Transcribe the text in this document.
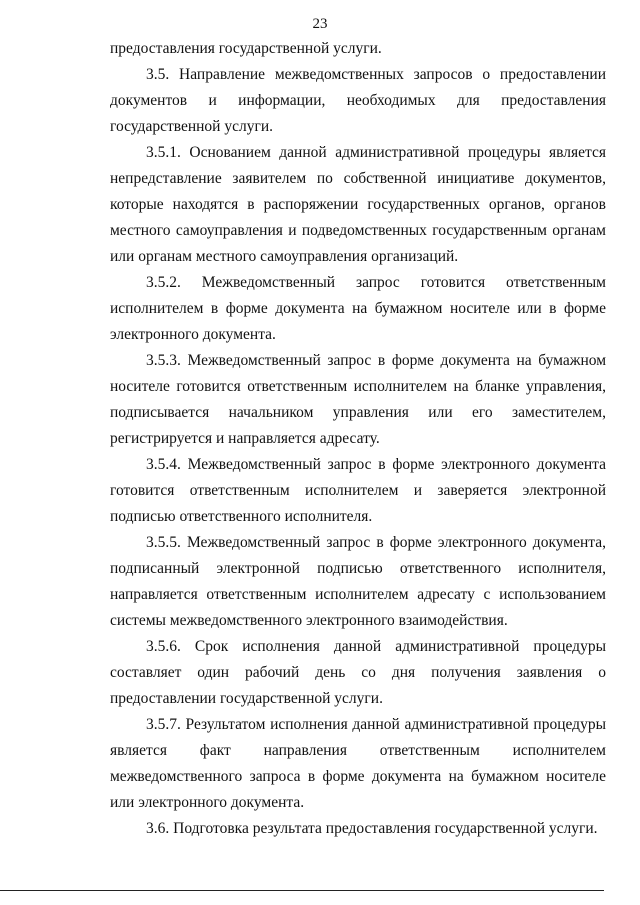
23

предоставления государственной услуги.

3.5. Направление межведомственных запросов о предоставлении документов и информации, необходимых для предоставления государственной услуги.

3.5.1. Основанием данной административной процедуры является непредставление заявителем по собственной инициативе документов, которые находятся в распоряжении государственных органов, органов местного самоуправления и подведомственных государственным органам или органам местного самоуправления организаций.

3.5.2. Межведомственный запрос готовится ответственным исполнителем в форме документа на бумажном носителе или в форме электронного документа.

3.5.3. Межведомственный запрос в форме документа на бумажном носителе готовится ответственным исполнителем на бланке управления, подписывается начальником управления или его заместителем, регистрируется и направляется адресату.

3.5.4. Межведомственный запрос в форме электронного документа готовится ответственным исполнителем и заверяется электронной подписью ответственного исполнителя.

3.5.5. Межведомственный запрос в форме электронного документа, подписанный электронной подписью ответственного исполнителя, направляется ответственным исполнителем адресату с использованием системы межведомственного электронного взаимодействия.

3.5.6. Срок исполнения данной административной процедуры составляет один рабочий день со дня получения заявления о предоставлении государственной услуги.

3.5.7. Результатом исполнения данной административной процедуры является факт направления ответственным исполнителем межведомственного запроса в форме документа на бумажном носителе или электронного документа.

3.6. Подготовка результата предоставления государственной услуги.
